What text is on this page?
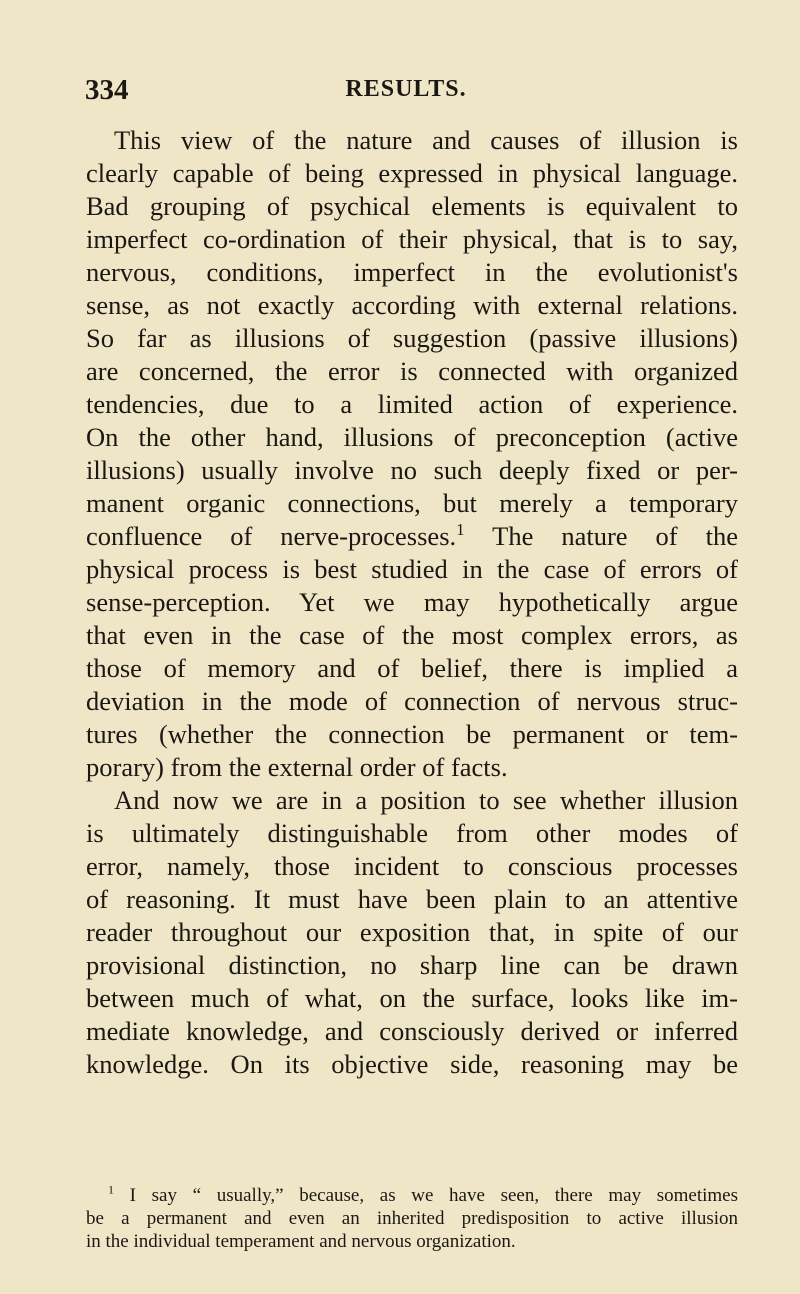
334	RESULTS.
This view of the nature and causes of illusion is
clearly capable of being expressed in physical language.
Bad grouping of psychical elements is equivalent to
imperfect co-ordination of their physical, that is to say,
nervous, conditions, imperfect in the evolutionist's
sense, as not exactly according with external relations.
So far as illusions of suggestion (passive illusions)
are concerned, the error is connected with organized
tendencies, due to a limited action of experience.
On the other hand, illusions of preconception (active
illusions) usually involve no such deeply fixed or per-
manent organic connections, but merely a temporary
confluence of nerve-processes.$^1$ The nature of the
physical process is best studied in the case of errors of
sense-perception. Yet we may hypothetically argue
that even in the case of the most complex errors, as
those of memory and of belief, there is implied a
deviation in the mode of connection of nervous struc-
tures (whether the connection be permanent or tem-
porary) from the external order of facts.
And now we are in a position to see whether illusion
is ultimately distinguishable from other modes of
error, namely, those incident to conscious processes
of reasoning. It must have been plain to an attentive
reader throughout our exposition that, in spite of our
provisional distinction, no sharp line can be drawn
between much of what, on the surface, looks like im-
mediate knowledge, and consciously derived or inferred
knowledge. On its objective side, reasoning may be
$^1$ I say “ usually,” because, as we have seen, there may sometimes
be a permanent and even an inherited predisposition to active illusion
in the individual temperament and nervous organization.
